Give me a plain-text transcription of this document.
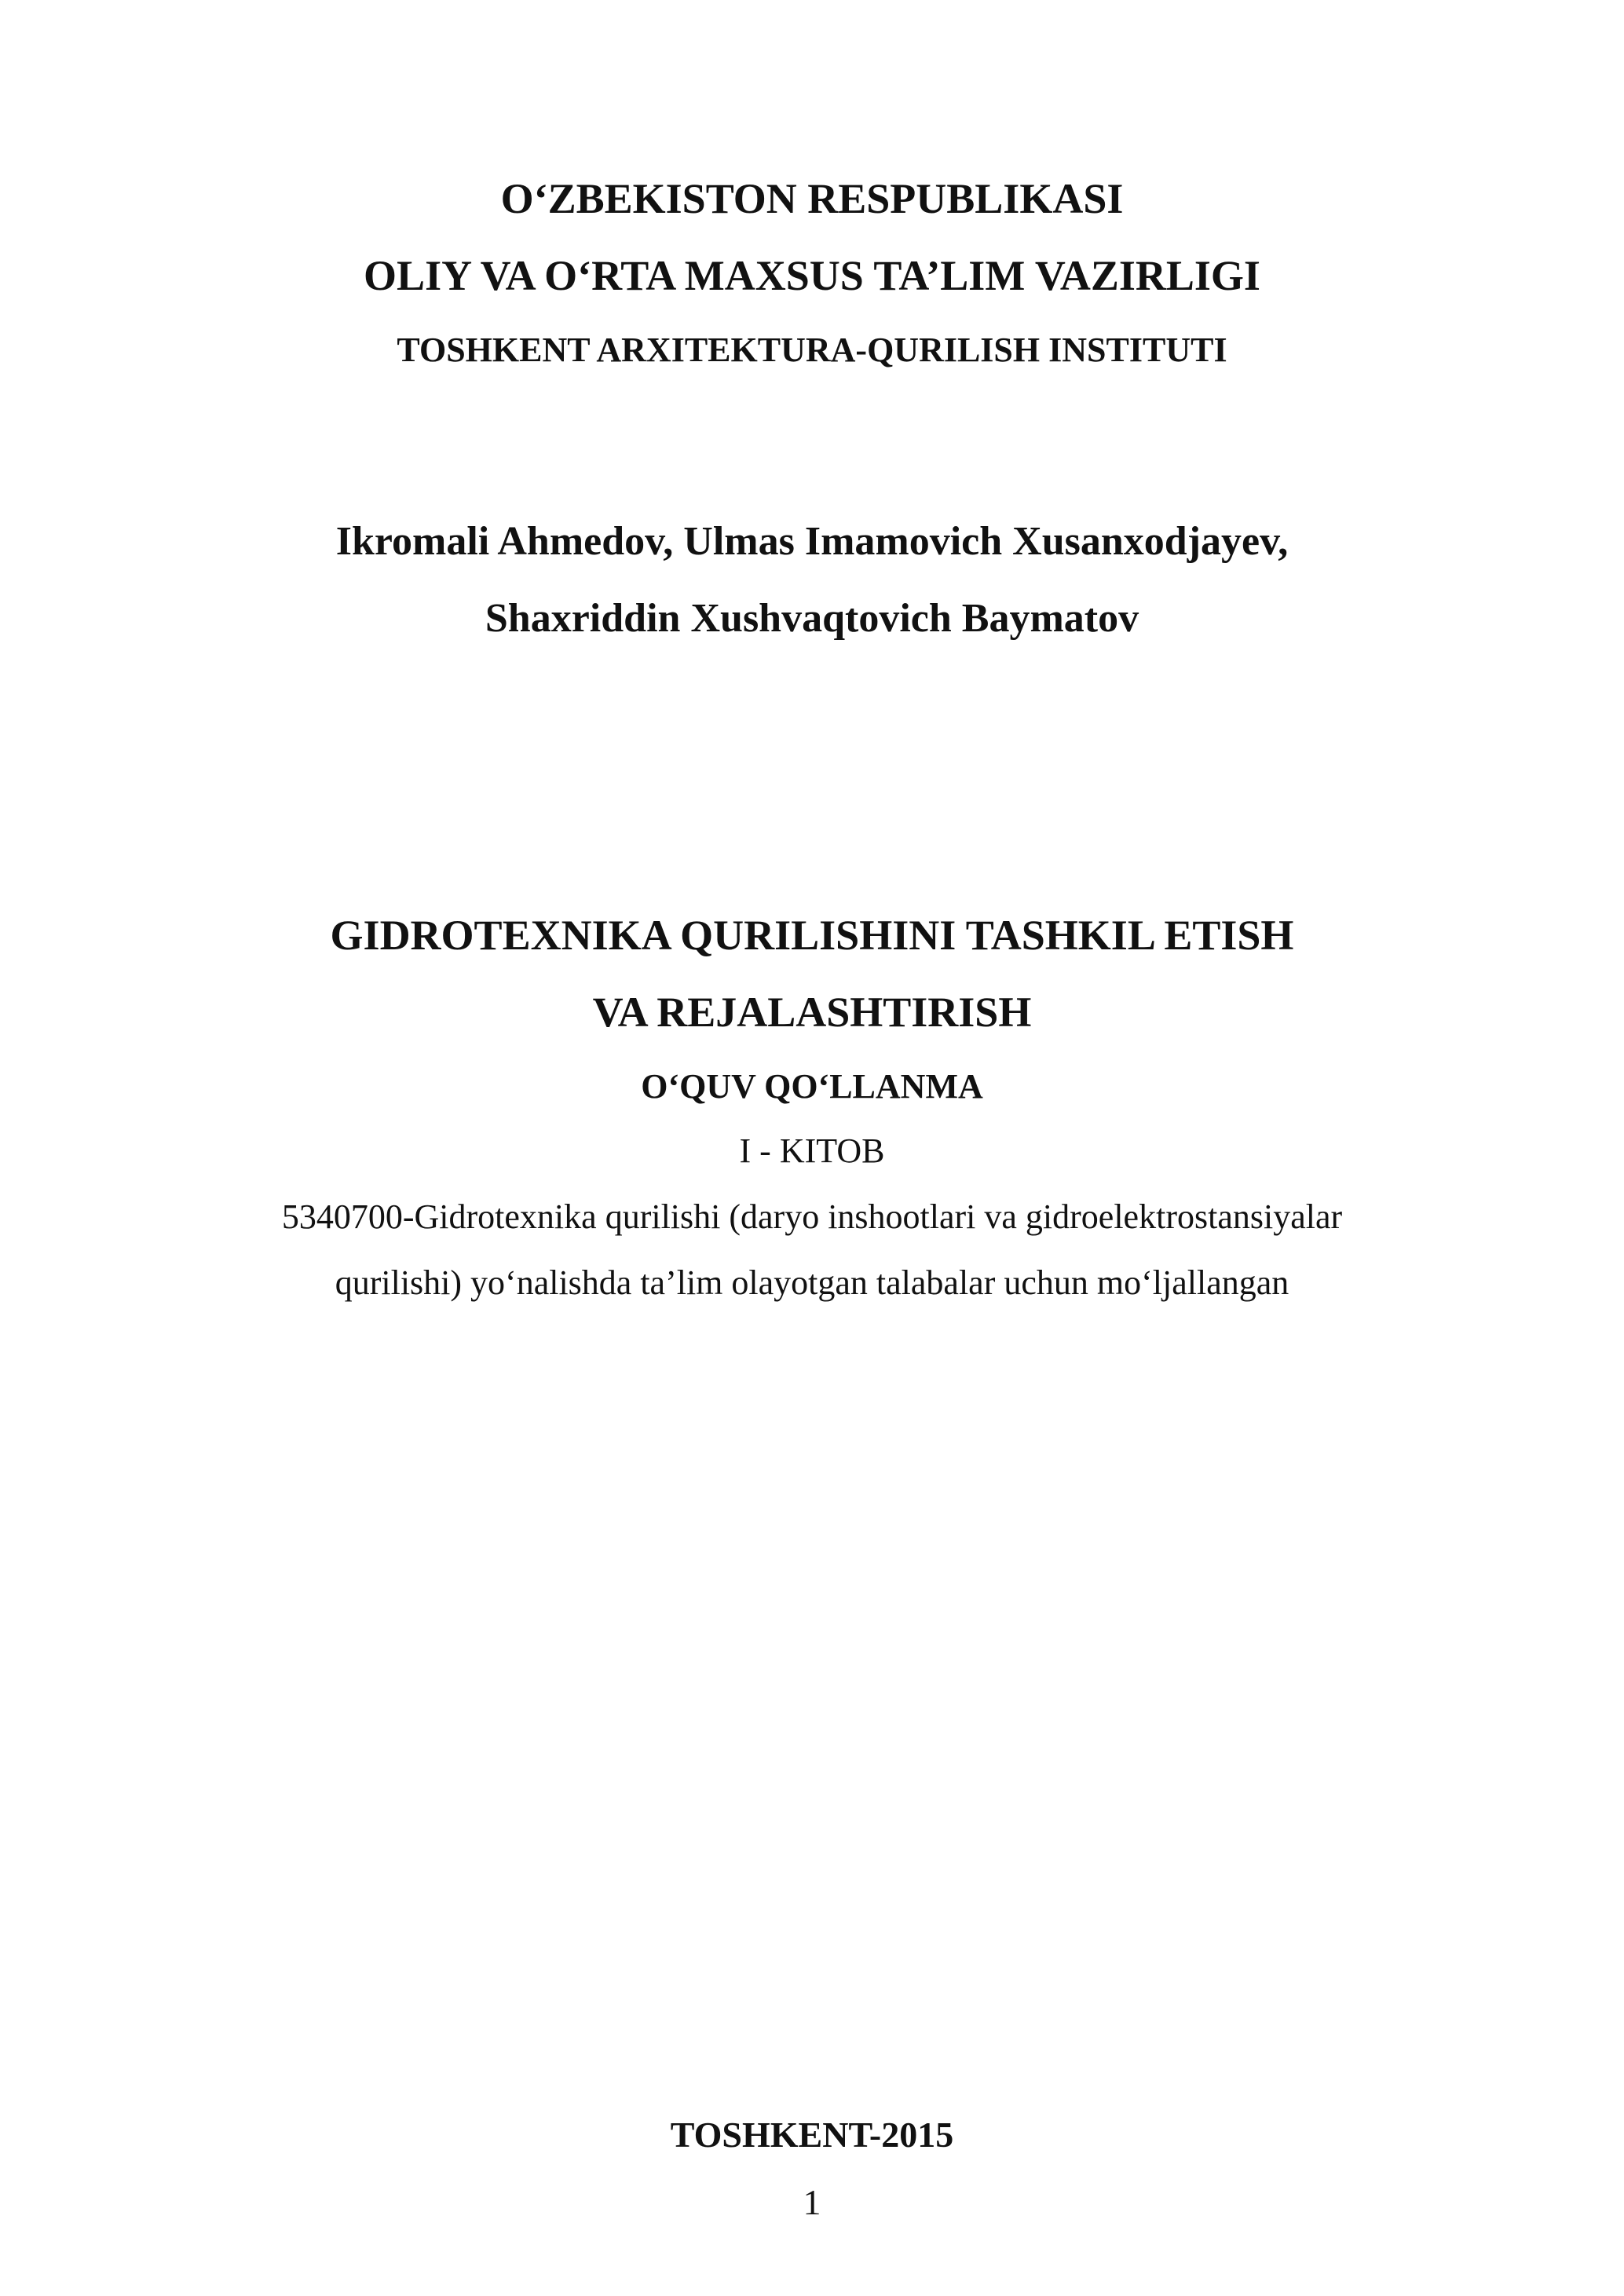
O‘ZBEKISTON RESPUBLIKASI
OLIY VA O‘RTA MAXSUS TA’LIM VAZIRLIGI
TOSHKENT ARXITEKTURA-QURILISH INSTITUTI
Ikromali Ahmedov, Ulmas Imamovich Xusanxodjayev,
Shaxriddin Xushvaqtovich Baymatov
GIDROTEXNIKA QURILISHINI TASHKIL ETISH
VA REJALASHTIRISH
O‘QUV QO‘LLANMA
I - KITOB
5340700-Gidrotexnika qurilishi (daryo inshootlari va gidroelektrostansiyalar
qurilishi) yo‘nalishda ta’lim olayotgan talabalar uchun mo‘ljallangan
TOSHKENT-2015
1
